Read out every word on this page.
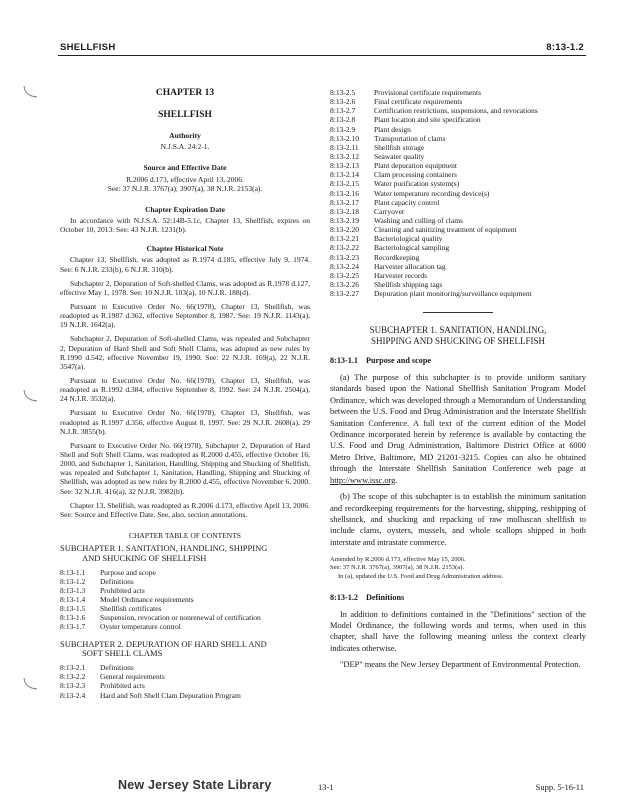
SHELLFISH	8:13-1.2
CHAPTER 13
SHELLFISH
Authority
N.J.S.A. 24:2-1.
Source and Effective Date
R.2006 d.173, effective April 13, 2006.
See: 37 N.J.R. 3767(a), 3907(a), 38 N.J.R. 2153(a).
Chapter Expiration Date

In accordance with N.J.S.A. 52:14B-5.1c, Chapter 13, Shellfish, expires on October 10, 2013. See: 43 N.J.R. 1231(b).

Chapter Historical Note

Chapter 13, Shellfish, was adopted as R.1974 d.185, effective July 9, 1974. See: 6 N.J.R. 233(b), 6 N.J.R. 310(b).

Subchapter 2, Depuration of Soft-shelled Clams, was adopted as R.1978 d.127, effective May 1, 1978. See: 10 N.J.R. 103(a), 10 N.J.R. 188(d).

Pursuant to Executive Order No. 66(1978), Chapter 13, Shellfish, was readopted as R.1987 d.362, effective September 8, 1987. See: 19 N.J.R. 1143(a), 19 N.J.R. 1642(a).

Subchapter 2, Depuration of Soft-shelled Clams, was repealed and Subchapter 2, Depuration of Hard Shell and Soft Shell Clams, was adopted as new rules by R.1990 d.542, effective November 19, 1990. See: 22 N.J.R. 169(a), 22 N.J.R. 3547(a).

Pursuant to Executive Order No. 66(1978), Chapter 13, Shellfish, was readopted as R.1992 d.384, effective September 8, 1992. See: 24 N.J.R. 2504(a), 24 N.J.R. 3532(a).

Pursuant to Executive Order No. 66(1978), Chapter 13, Shellfish, was readopted as R.1997 d.356, effective August 8, 1997. See: 29 N.J.R. 2608(a), 29 N.J.R. 3855(b).

Pursuant to Executive Order No. 66(1978), Subchapter 2, Depuration of Hard Shell and Soft Shell Clams, was readopted as R.2000 d.455, effective October 16, 2000, and Subchapter 1, Sanitation, Handling, Shipping and Shucking of Shellfish, was repealed and Subchapter 1, Sanitation, Handling, Shipping and Shucking of Shellfish, was adopted as new rules by R.2000 d.455, effective November 6, 2000. See: 32 N.J.R. 416(a), 32 N.J.R. 3982(b).

Chapter 13, Shellfish, was readopted as R.2006 d.173, effective April 13, 2006. See: Source and Effective Date. See, also, section annotations.

CHAPTER TABLE OF CONTENTS
SUBCHAPTER 1. SANITATION, HANDLING, SHIPPING
AND SHUCKING OF SHELLFISH
8:13-1.1	Purpose and scope
8:13-1.2	Definitions
8:13-1.3	Prohibited acts
8:13-1.4	Model Ordinance requirements
8:13-1.5	Shellfish certificates
8:13-1.6	Suspension, revocation or nonrenewal of certification
8:13-1.7	Oyster temperature control
SUBCHAPTER 2. DEPURATION OF HARD SHELL AND
SOFT SHELL CLAMS
8:13-2.1	Definitions
8:13-2.2	General requirements
8:13-2.3	Prohibited acts
8:13-2.4	Hard and Soft Shell Clam Depuration Program
8:13-2.5	Provisional certificate requirements
8:13-2.6	Final certificate requirements
8:13-2.7	Certification restrictions, suspensions, and revocations
8:13-2.8	Plant location and site specification
8:13-2.9	Plant design
8:13-2.10	Transportation of clams
8:13-2.11	Shellfish storage
8:13-2.12	Seawater quality
8:13-2.13	Plant depuration equipment
8:13-2.14	Clam processing containers
8:13-2.15	Water purification system(s)
8:13-2.16	Water temperature recording device(s)
8:13-2.17	Plant capacity control
8:13-2.18	Carryover
8:13-2.19	Washing and culling of clams
8:13-2.20	Cleaning and sanitizing treatment of equipment
8:13-2.21	Bacteriological quality
8:13-2.22	Bacteriological sampling
8:13-2.23	Recordkeeping
8:13-2.24	Harvester allocation tag
8:13-2.25	Harvester records
8:13-2.26	Shellfish shipping tags
8:13-2.27	Depuration plant monitoring/surveillance equipment
SUBCHAPTER 1. SANITATION, HANDLING,
SHIPPING AND SHUCKING OF SHELLFISH
8:13-1.1 Purpose and scope

(a) The purpose of this subchapter is to provide uniform sanitary standards based upon the National Shellfish Sanitation Program Model Ordinance, which was developed through a Memorandum of Understanding between the U.S. Food and Drug Administration and the Interstate Shellfish Sanitation Conference. A full text of the current edition of the Model Ordinance incorporated herein by reference is available by contacting the U.S. Food and Drug Administration, Baltimore District Office at 6000 Metro Drive, Baltimore, MD 21201-3215. Copies can also be obtained through the Interstate Shellfish Sanitation Conference web page at http://www.issc.org.

(b) The scope of this subchapter is to establish the minimum sanitation and recordkeeping requirements for the harvesting, shipping, reshipping of shellstock, and shucking and repacking of raw molluscan shellfish to include clams, oysters, mussels, and whole scallops shipped in both interstate and intrastate commerce.

Amended by R.2006 d.173, effective May 15, 2006.
See: 37 N.J.R. 3767(a), 3907(a), 38 N.J.R. 2153(a).
In (a), updated the U.S. Food and Drug Administration address.
8:13-1.2 Definitions

In addition to definitions contained in the "Definitions" section of the Model Ordinance, the following words and terms, when used in this chapter, shall have the following meaning unless the context clearly indicates otherwise.

"DEP" means the New Jersey Department of Environmental Protection.

New Jersey State Library	13-1	Supp. 5-16-11
